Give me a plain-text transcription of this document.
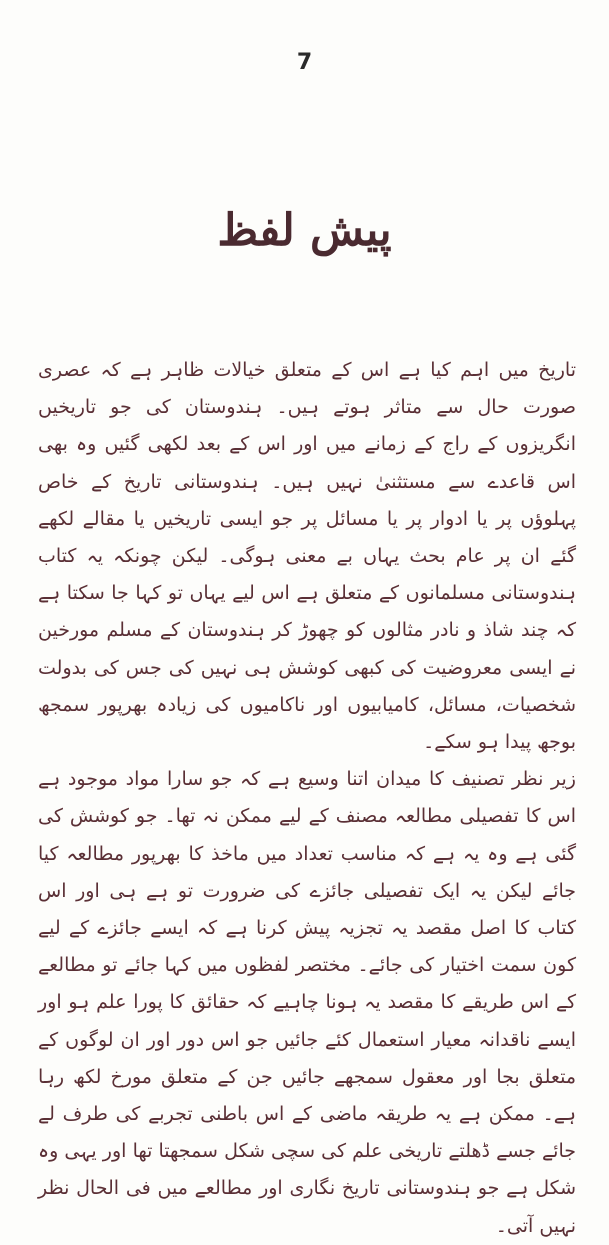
7
پیش لفظ

تاریخ میں اہم کیا ہے اس کے متعلق خیالات ظاہر ہے کہ عصری صورت حال سے متاثر ہوتے ہیں۔ ہندوستان کی جو تاریخیں انگریزوں کے راج کے زمانے میں اور اس کے بعد لکھی گئیں وہ بھی اس قاعدے سے مستثنیٰ نہیں ہیں۔ ہندوستانی تاریخ کے خاص پہلوؤں پر یا ادوار پر یا مسائل پر جو ایسی تاریخیں یا مقالے لکھے گئے ان پر عام بحث یہاں بے معنی ہوگی۔ لیکن چونکہ یہ کتاب ہندوستانی مسلمانوں کے متعلق ہے اس لیے یہاں تو کہا جا سکتا ہے کہ چند شاذ و نادر مثالوں کو چھوڑ کر ہندوستان کے مسلم مورخین نے ایسی معروضیت کی کبھی کوشش ہی نہیں کی جس کی بدولت شخصیات، مسائل، کامیابیوں اور ناکامیوں کی زیادہ بھرپور سمجھ بوجھ پیدا ہو سکے۔

زیر نظر تصنیف کا میدان اتنا وسیع ہے کہ جو سارا مواد موجود ہے اس کا تفصیلی مطالعہ مصنف کے لیے ممکن نہ تھا۔ جو کوشش کی گئی ہے وہ یہ ہے کہ مناسب تعداد میں ماخذ کا بھرپور مطالعہ کیا جائے لیکن یہ ایک تفصیلی جائزے کی ضرورت تو ہے ہی اور اس کتاب کا اصل مقصد یہ تجزیہ پیش کرنا ہے کہ ایسے جائزے کے لیے کون سمت اختیار کی جائے۔ مختصر لفظوں میں کہا جائے تو مطالعے کے اس طریقے کا مقصد یہ ہونا چاہیے کہ حقائق کا پورا علم ہو اور ایسے ناقدانہ معیار استعمال کئے جائیں جو اس دور اور ان لوگوں کے متعلق بجا اور معقول سمجھے جائیں جن کے متعلق مورخ لکھ رہا ہے۔ ممکن ہے یہ طریقہ ماضی کے اس باطنی تجربے کی طرف لے جائے جسے ڈھلتے تاریخی علم کی سچی شکل سمجھتا تھا اور یہی وہ شکل ہے جو ہندوستانی تاریخ نگاری اور مطالعے میں فی الحال نظر نہیں آتی۔
